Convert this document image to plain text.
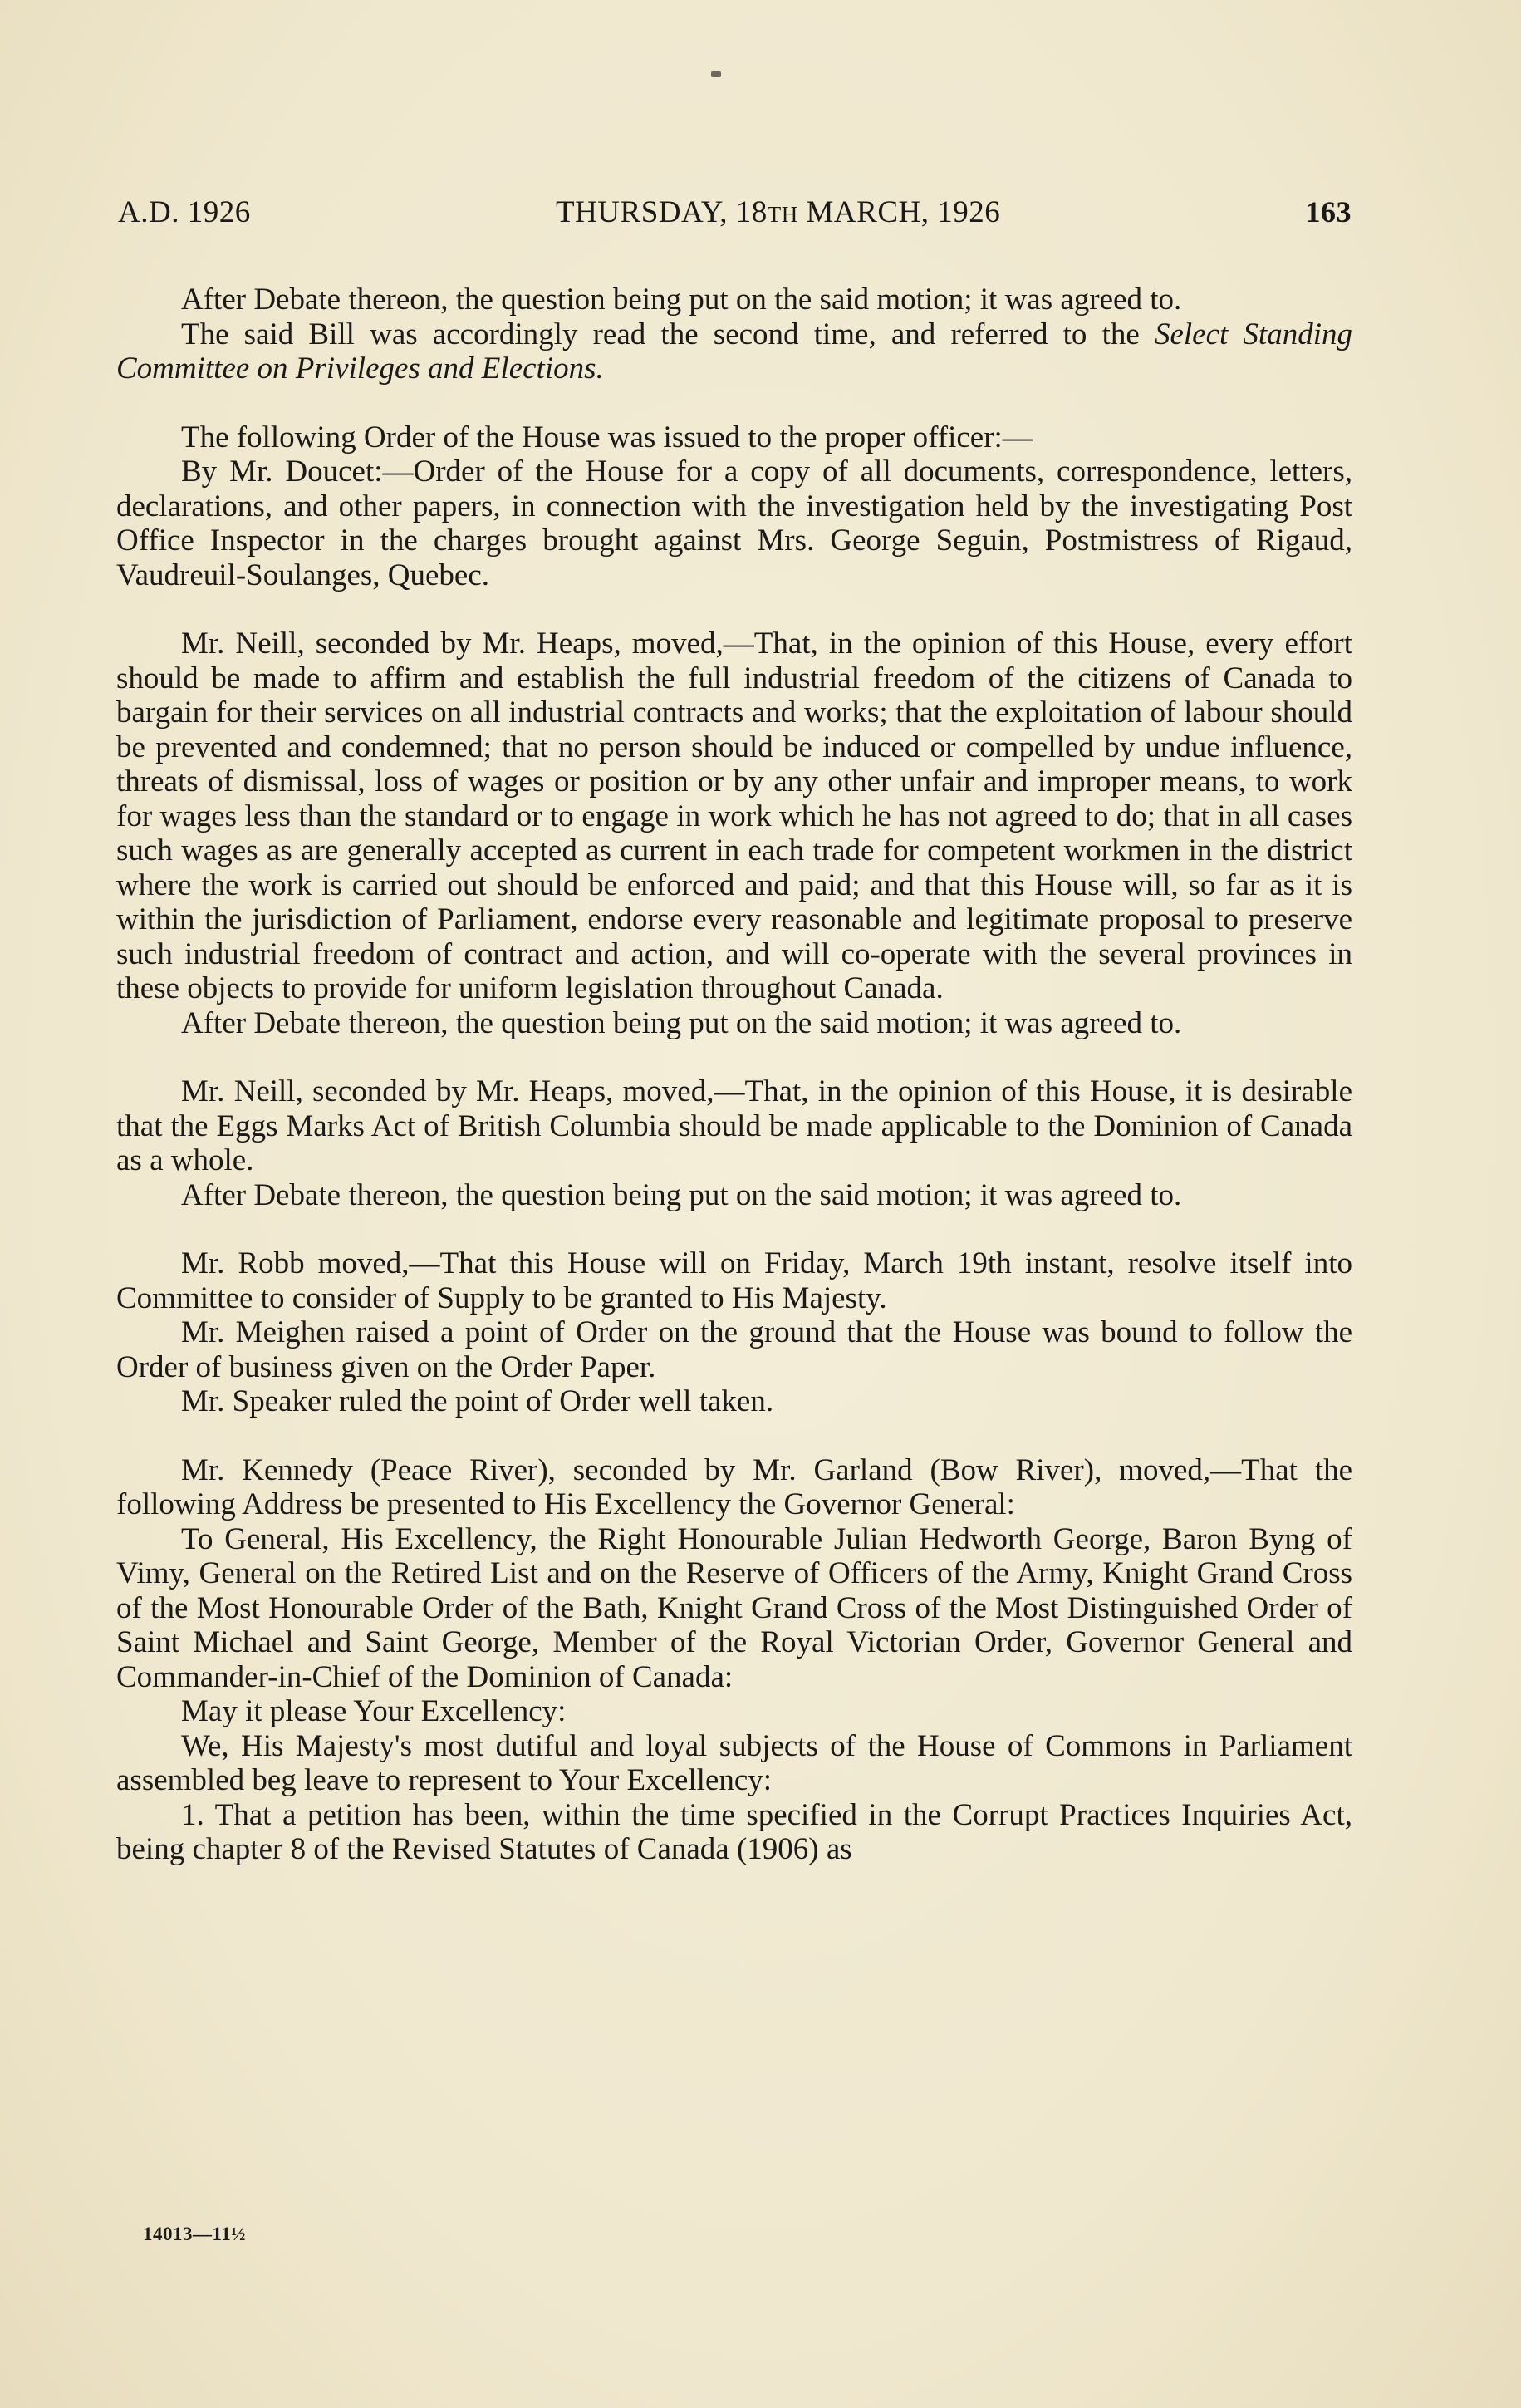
A.D. 1926	THURSDAY, 18TH MARCH, 1926	163

After Debate thereon, the question being put on the said motion; it was agreed to.

The said Bill was accordingly read the second time, and referred to the Select Standing Committee on Privileges and Elections.

The following Order of the House was issued to the proper officer:—

By Mr. Doucet:—Order of the House for a copy of all documents, correspondence, letters, declarations, and other papers, in connection with the investigation held by the investigating Post Office Inspector in the charges brought against Mrs. George Seguin, Postmistress of Rigaud, Vaudreuil-Soulanges, Quebec.

Mr. Neill, seconded by Mr. Heaps, moved,—That, in the opinion of this House, every effort should be made to affirm and establish the full industrial freedom of the citizens of Canada to bargain for their services on all industrial contracts and works; that the exploitation of labour should be prevented and condemned; that no person should be induced or compelled by undue influence, threats of dismissal, loss of wages or position or by any other unfair and improper means, to work for wages less than the standard or to engage in work which he has not agreed to do; that in all cases such wages as are generally accepted as current in each trade for competent workmen in the district where the work is carried out should be enforced and paid; and that this House will, so far as it is within the jurisdiction of Parliament, endorse every reasonable and legitimate proposal to preserve such industrial freedom of contract and action, and will co-operate with the several provinces in these objects to provide for uniform legislation throughout Canada.

After Debate thereon, the question being put on the said motion; it was agreed to.

Mr. Neill, seconded by Mr. Heaps, moved,—That, in the opinion of this House, it is desirable that the Eggs Marks Act of British Columbia should be made applicable to the Dominion of Canada as a whole.

After Debate thereon, the question being put on the said motion; it was agreed to.

Mr. Robb moved,—That this House will on Friday, March 19th instant, resolve itself into Committee to consider of Supply to be granted to His Majesty.

Mr. Meighen raised a point of Order on the ground that the House was bound to follow the Order of business given on the Order Paper.

Mr. Speaker ruled the point of Order well taken.

Mr. Kennedy (Peace River), seconded by Mr. Garland (Bow River), moved,—That the following Address be presented to His Excellency the Governor General:

To General, His Excellency, the Right Honourable Julian Hedworth George, Baron Byng of Vimy, General on the Retired List and on the Reserve of Officers of the Army, Knight Grand Cross of the Most Honourable Order of the Bath, Knight Grand Cross of the Most Distinguished Order of Saint Michael and Saint George, Member of the Royal Victorian Order, Governor General and Commander-in-Chief of the Dominion of Canada:

May it please Your Excellency:

We, His Majesty's most dutiful and loyal subjects of the House of Commons in Parliament assembled beg leave to represent to Your Excellency:

1. That a petition has been, within the time specified in the Corrupt Practices Inquiries Act, being chapter 8 of the Revised Statutes of Canada (1906) as

14013—11½
